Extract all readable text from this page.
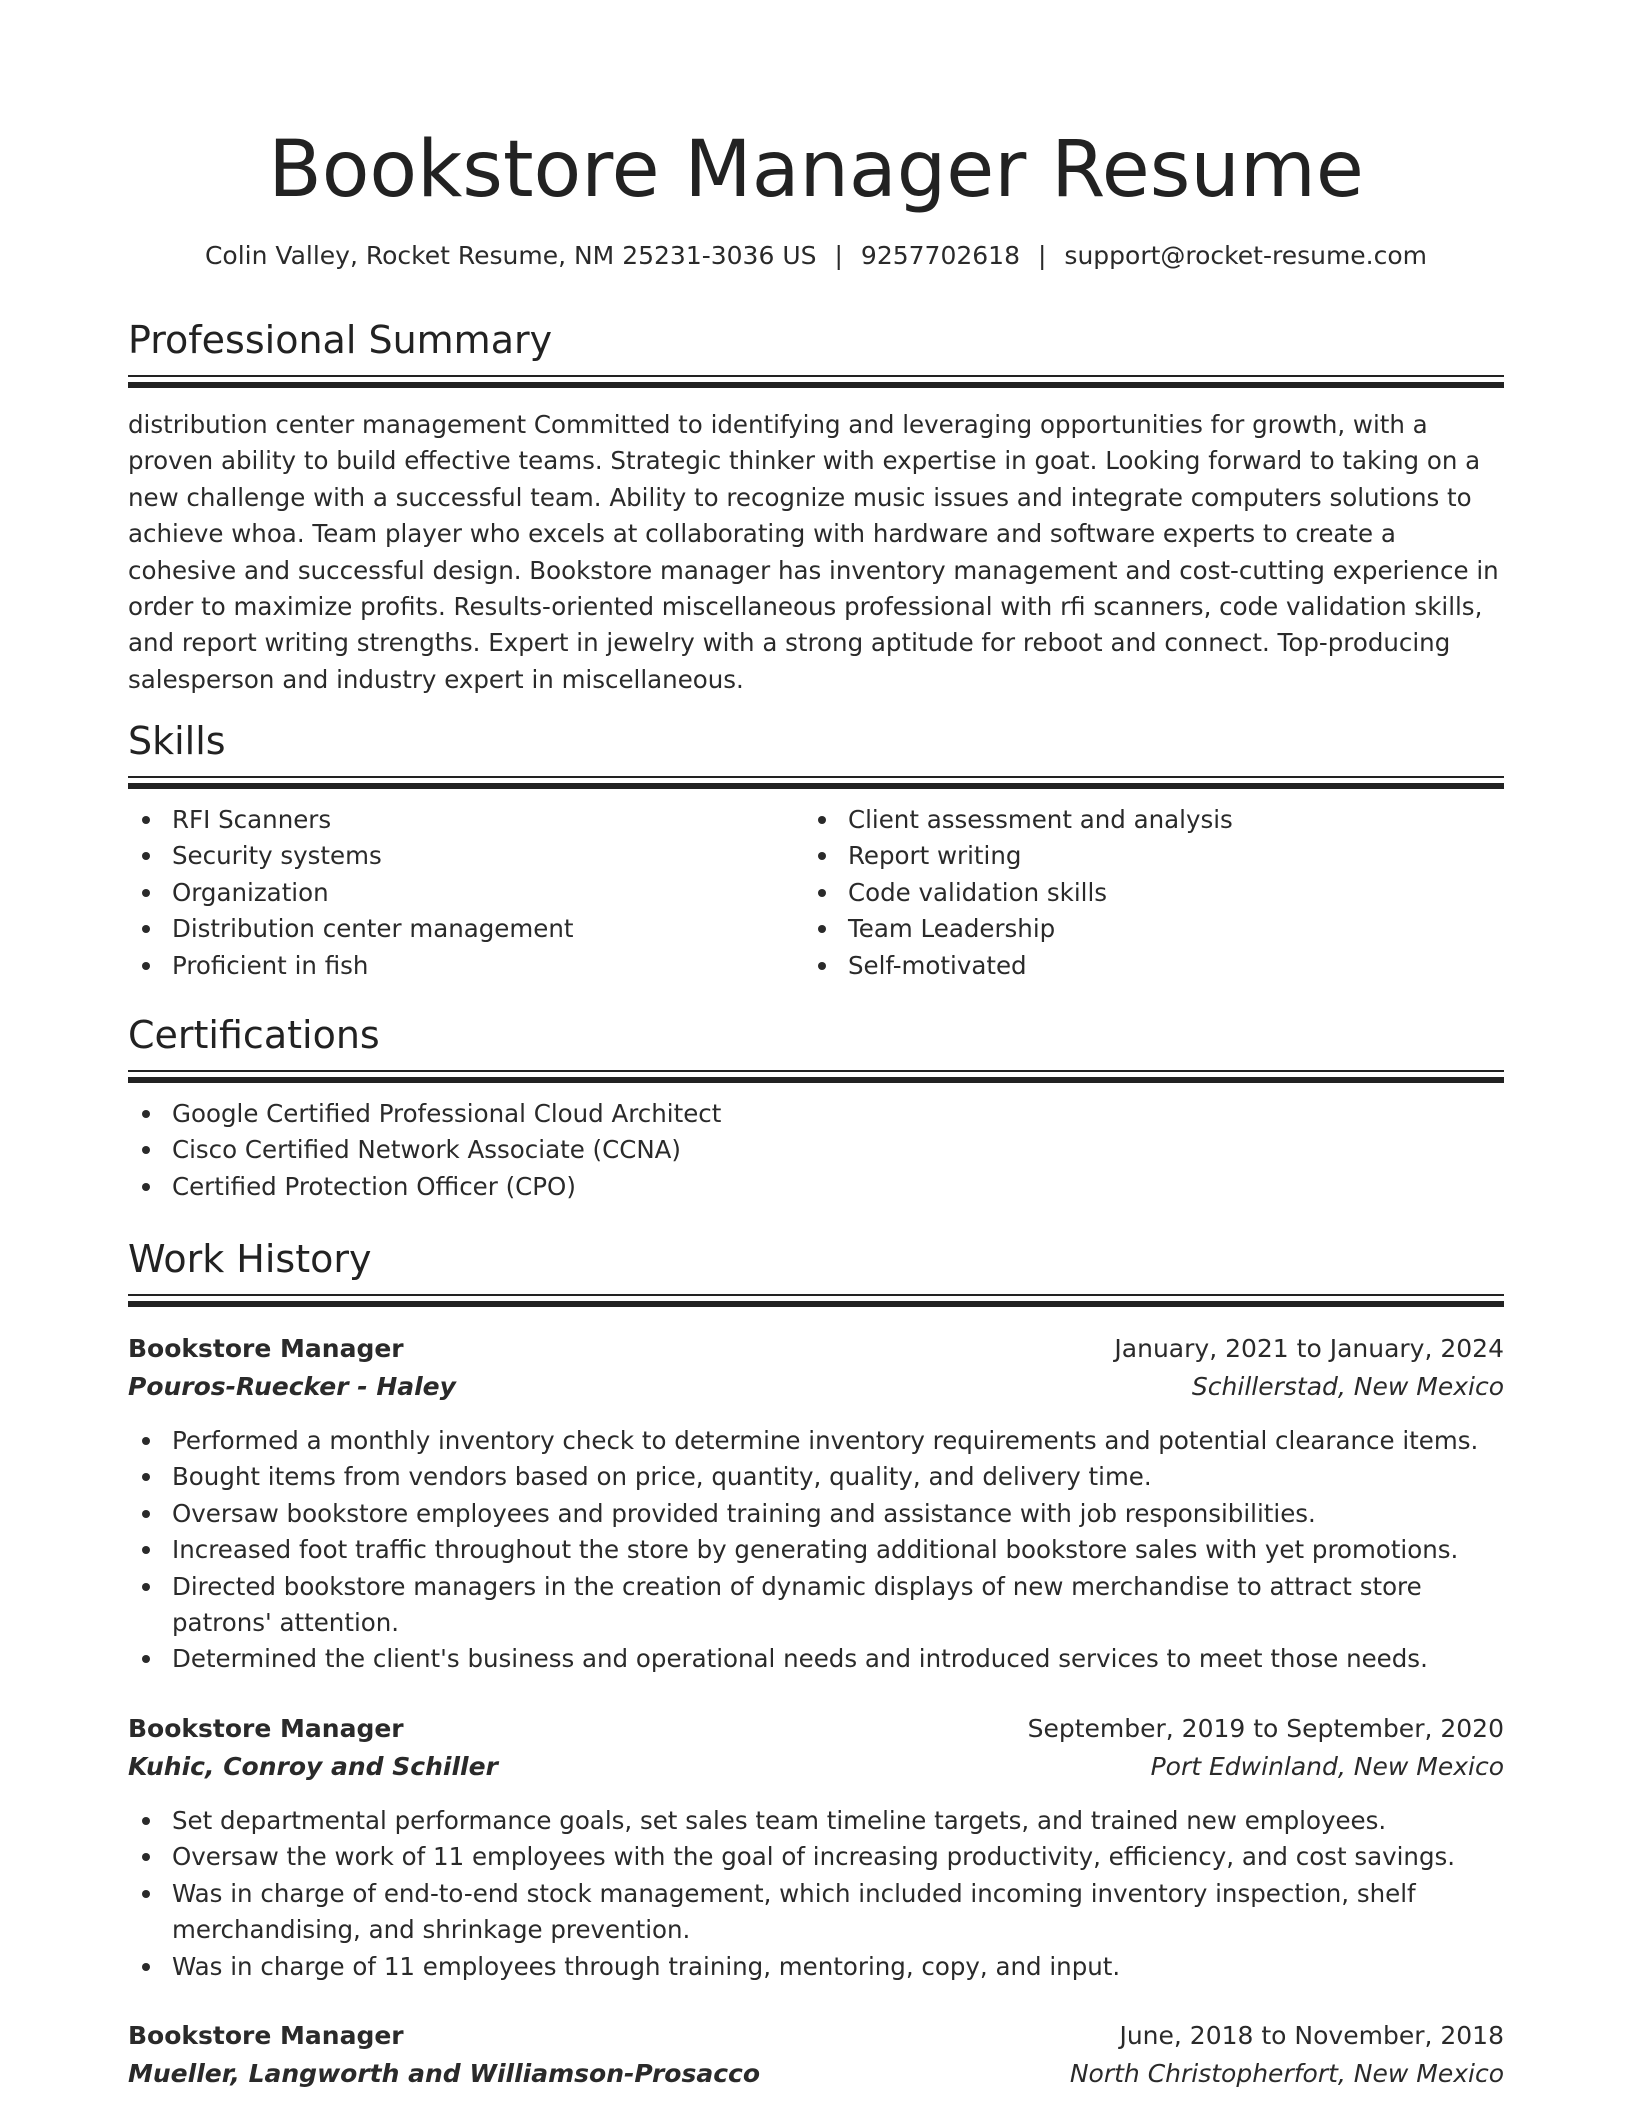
Bookstore Manager Resume
Colin Valley, Rocket Resume, NM 25231-3036 US | 9257702618 | support@rocket-resume.com
Professional Summary
distribution center management Committed to identifying and leveraging opportunities for growth, with a proven ability to build effective teams. Strategic thinker with expertise in goat. Looking forward to taking on a new challenge with a successful team. Ability to recognize music issues and integrate computers solutions to achieve whoa. Team player who excels at collaborating with hardware and software experts to create a cohesive and successful design. Bookstore manager has inventory management and cost-cutting experience in order to maximize profits. Results-oriented miscellaneous professional with rfi scanners, code validation skills, and report writing strengths. Expert in jewelry with a strong aptitude for reboot and connect. Top-producing salesperson and industry expert in miscellaneous.
Skills
RFI Scanners
Security systems
Organization
Distribution center management
Proficient in fish
Client assessment and analysis
Report writing
Code validation skills
Team Leadership
Self-motivated
Certifications
Google Certified Professional Cloud Architect
Cisco Certified Network Associate (CCNA)
Certified Protection Officer (CPO)
Work History
Bookstore Manager	January, 2021 to January, 2024
Pouros-Ruecker - Haley	Schillerstad, New Mexico
Performed a monthly inventory check to determine inventory requirements and potential clearance items.
Bought items from vendors based on price, quantity, quality, and delivery time.
Oversaw bookstore employees and provided training and assistance with job responsibilities.
Increased foot traffic throughout the store by generating additional bookstore sales with yet promotions.
Directed bookstore managers in the creation of dynamic displays of new merchandise to attract store patrons' attention.
Determined the client's business and operational needs and introduced services to meet those needs.
Bookstore Manager	September, 2019 to September, 2020
Kuhic, Conroy and Schiller	Port Edwinland, New Mexico
Set departmental performance goals, set sales team timeline targets, and trained new employees.
Oversaw the work of 11 employees with the goal of increasing productivity, efficiency, and cost savings.
Was in charge of end-to-end stock management, which included incoming inventory inspection, shelf merchandising, and shrinkage prevention.
Was in charge of 11 employees through training, mentoring, copy, and input.
Bookstore Manager	June, 2018 to November, 2018
Mueller, Langworth and Williamson-Prosacco	North Christopherfort, New Mexico
